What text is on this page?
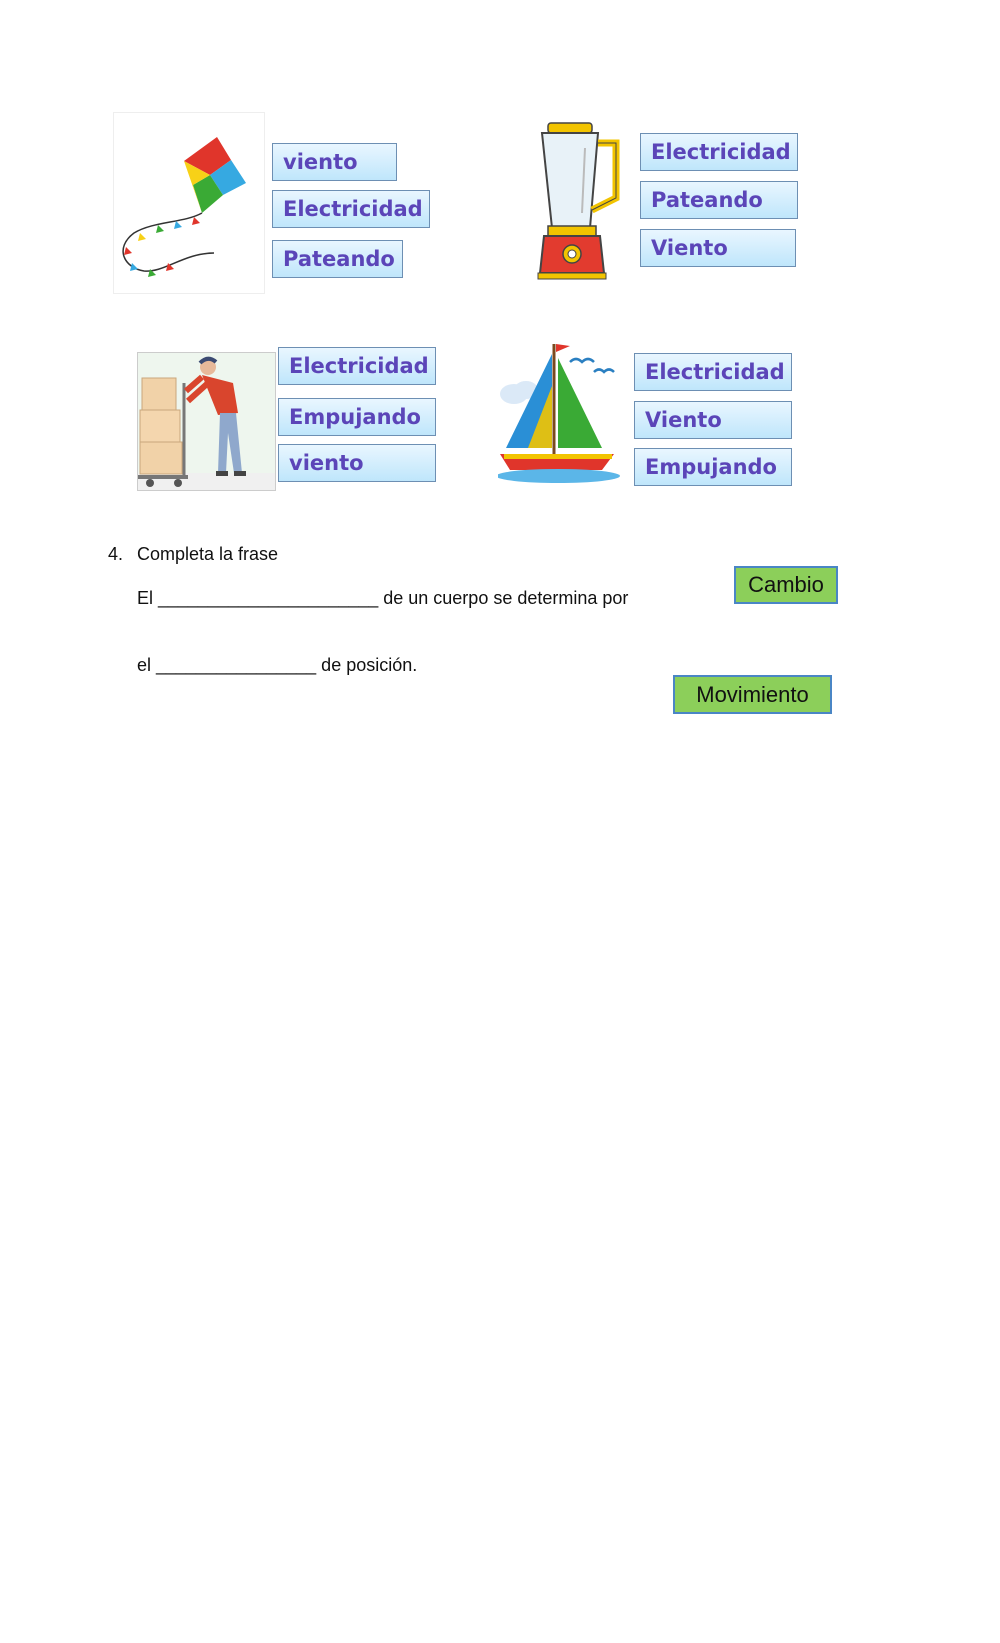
viento
Electricidad
Pateando
Electricidad
Pateando
Viento
Electricidad
Empujando
viento
Electricidad
Viento
Empujando
4. Completa la frase
El ______________________ de un cuerpo se determina por
el ________________ de posición.
Cambio
Movimiento
